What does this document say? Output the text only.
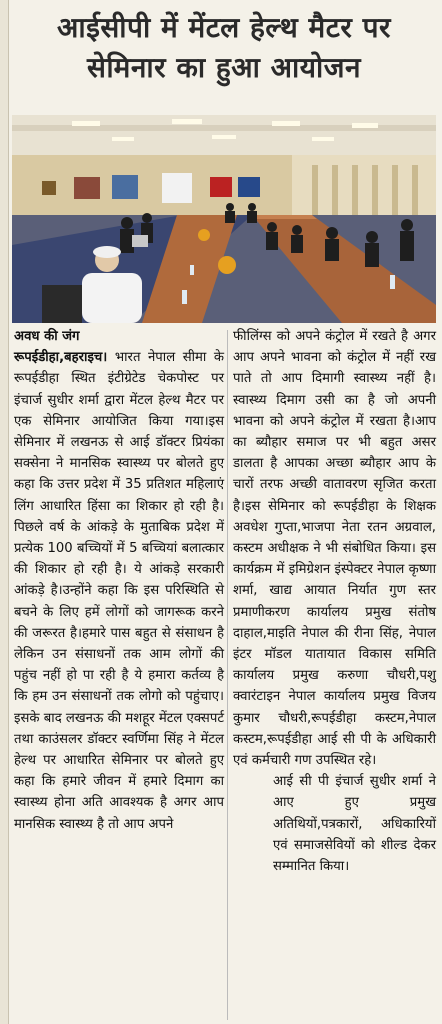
आईसीपी में मेंटल हेल्थ मैटर पर
सेमिनार का हुआ आयोजन
अवध की जंग

रूपईडीहा,बहराइच। भारत नेपाल सीमा के रूपईडीहा स्थित इंटीग्रेटेड चेकपोस्ट पर इंचार्ज सुधीर शर्मा द्वारा मेंटल हेल्थ मैटर पर एक सेमिनार आयोजित किया गया।इस सेमिनार में लखनऊ से आई डॉक्टर प्रियंका सक्सेना ने मानसिक स्वास्थ्य पर बोलते हुए कहा कि उत्तर प्रदेश में 35 प्रतिशत महिलाएं लिंग आधारित हिंसा का शिकार हो रही है। पिछले वर्ष के आंकड़े के मुताबिक प्रदेश में प्रत्येक 100 बच्चियों में 5 बच्चियां बलात्कार की शिकार हो रही है। ये आंकड़े सरकारी आंकड़े है।उन्होंने कहा कि इस परिस्थिति से बचने के लिए हमें लोगों को जागरूक करने की जरूरत है।हमारे पास बहुत से संसाधन है लेकिन उन संसाधनों तक आम लोगों की पहुंच नहीं हो पा रही है ये हमारा कर्तव्य है कि हम उन संसाधनों तक लोगो को पहुंचाए।इसके बाद लखनऊ की मशहूर मेंटल एक्सपर्ट तथा काउंसलर डॉक्टर स्वर्णिमा सिंह ने मेंटल हेल्थ पर आधारित सेमिनार पर बोलते हुए कहा कि हमारे जीवन में हमारे दिमाग का स्वास्थ्य होना अति आवश्यक है अगर आप मानसिक स्वास्थ्य है तो आप अपने

फीलिंग्स को अपने कंट्रोल में रखते है अगर आप अपने भावना को कंट्रोल में नहीं रख पाते तो आप दिमागी स्वास्थ्य नहीं है।स्वास्थ्य दिमाग उसी का है जो अपनी भावना को अपने कंट्रोल में रखता है।आप का ब्यौहार समाज पर भी बहुत असर डालता है आपका अच्छा ब्यौहार आप के चारों तरफ अच्छी वातावरण सृजित करता है।इस सेमिनार को रूपईडीहा के शिक्षक अवधेश गुप्ता,भाजपा नेता रतन अग्रवाल, कस्टम अधीक्षक ने भी संबोधित किया। इस कार्यक्रम में इमिग्रेशन इंस्पेक्टर नेपाल कृष्णा शर्मा, खाद्य आयात निर्यात गुण स्तर प्रमाणीकरण कार्यालय प्रमुख संतोष दाहाल,माइति नेपाल की रीना सिंह, नेपाल इंटर मॉडल यातायात विकास समिति कार्यालय प्रमुख करुणा चौधरी,पशु क्वारंटाइन नेपाल कार्यालय प्रमुख विजय कुमार चौधरी,रूपईडीहा कस्टम,नेपाल कस्टम,रूपईडीहा आई सी पी के अधिकारी एवं कर्मचारी गण उपस्थित रहे।

आई सी पी इंचार्ज सुधीर शर्मा ने आए हुए प्रमुख अतिथियों,पत्रकारों, अधिकारियों एवं समाजसेवियों को शील्ड देकर सम्मानित किया।
